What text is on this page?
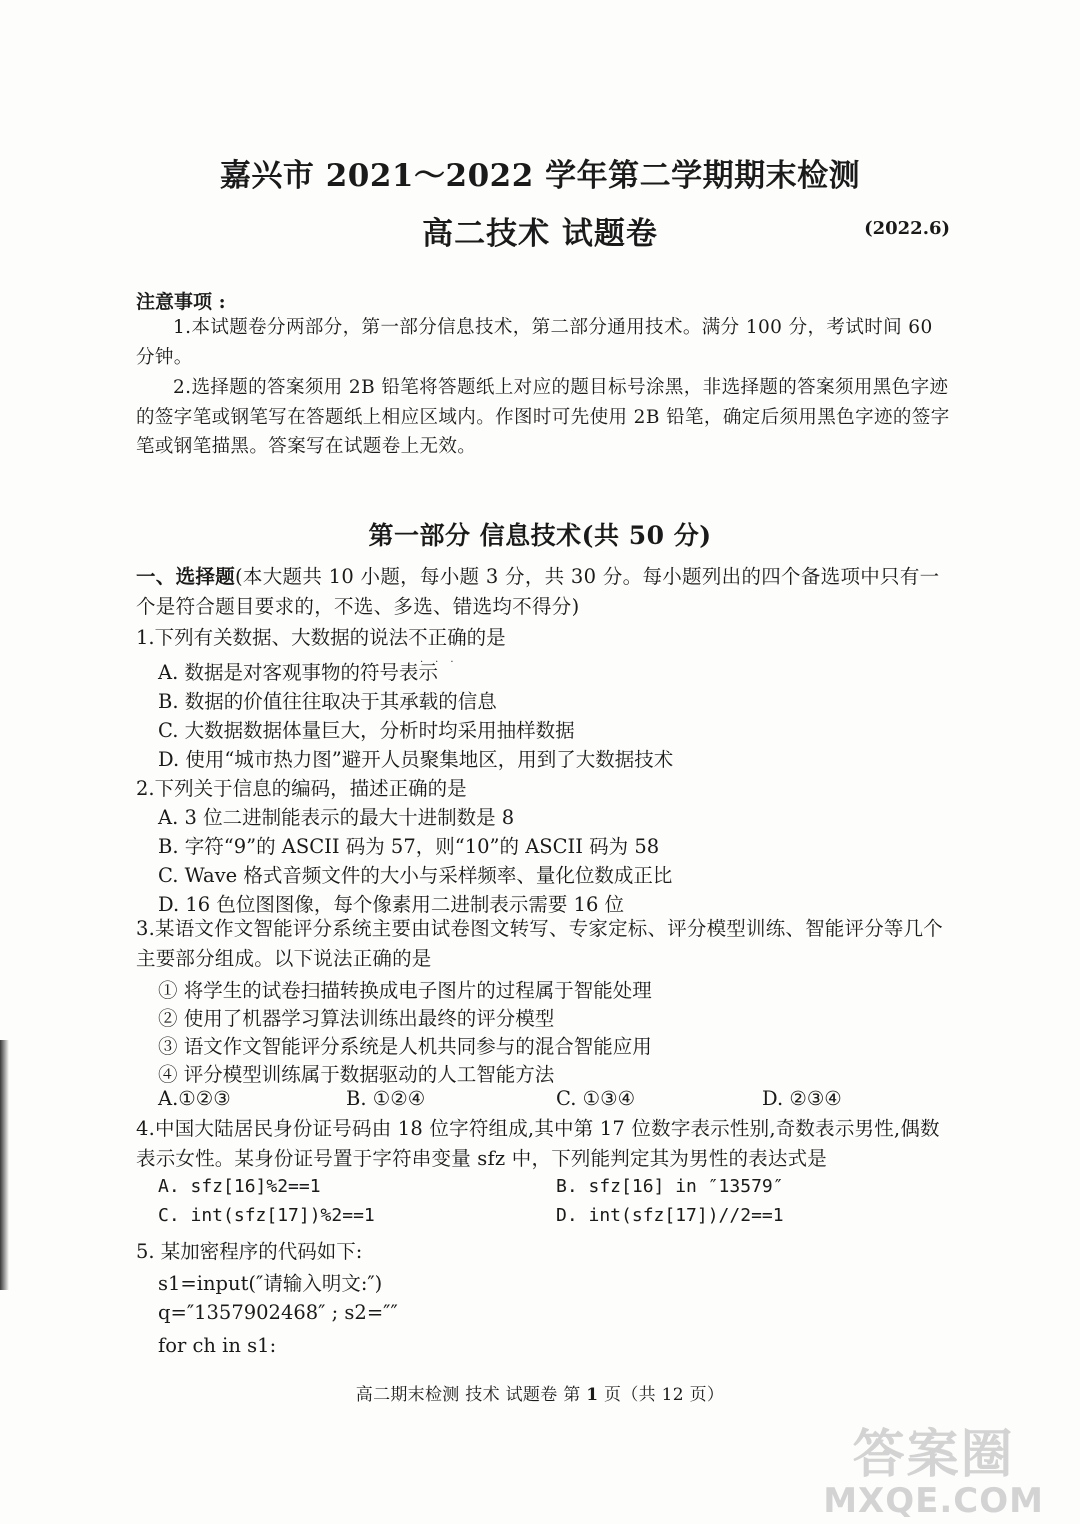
嘉兴市 2021～2022 学年第二学期期末检测
高二技术 试题卷	(2022.6)
注意事项 :
1.本试题卷分两部分，第一部分信息技术，第二部分通用技术。满分 100 分，考试时间 60 分钟。
2.选择题的答案须用 2B 铅笔将答题纸上对应的题目标号涂黑，非选择题的答案须用黑色字迹的签字笔或钢笔写在答题纸上相应区域内。作图时可先使用 2B 铅笔，确定后须用黑色字迹的签字笔或钢笔描黑。答案写在试题卷上无效。
第一部分 信息技术(共 50 分)
一、选择题(本大题共 10 小题，每小题 3 分，共 30 分。每小题列出的四个备选项中只有一个是符合题目要求的，不选、多选、错选均不得分)
1.下列有关数据、大数据的说法不正确的是
···
A. 数据是对客观事物的符号表示
B. 数据的价值往往取决于其承载的信息
C. 大数据数据体量巨大，分析时均采用抽样数据
D. 使用“城市热力图”避开人员聚集地区，用到了大数据技术
2.下列关于信息的编码，描述正确的是
A. 3 位二进制能表示的最大十进制数是 8
B. 字符“9”的 ASCII 码为 57，则“10”的 ASCII 码为 58
C. Wave 格式音频文件的大小与采样频率、量化位数成正比
D. 16 色位图图像，每个像素用二进制表示需要 16 位
3.某语文作文智能评分系统主要由试卷图文转写、专家定标、评分模型训练、智能评分等几个主要部分组成。以下说法正确的是
① 将学生的试卷扫描转换成电子图片的过程属于智能处理
② 使用了机器学习算法训练出最终的评分模型
③ 语文作文智能评分系统是人机共同参与的混合智能应用
④ 评分模型训练属于数据驱动的人工智能方法
A.①②③	B. ①②④	C. ①③④	D. ②③④
4.中国大陆居民身份证号码由 18 位字符组成,其中第 17 位数字表示性别,奇数表示男性,偶数表示女性。某身份证号置于字符串变量 sfz 中，下列能判定其为男性的表达式是
A. sfz[16]%2==1	B. sfz[16] in ″13579″
C. int(sfz[17])%2==1	D. int(sfz[17])//2==1
5. 某加密程序的代码如下:
s1=input(″请输入明文:″)
q=″1357902468″ ; s2=″″
for ch in s1:
高二期末检测 技术 试题卷 第 1 页（共 12 页）
答案圈
MXQE.COM
